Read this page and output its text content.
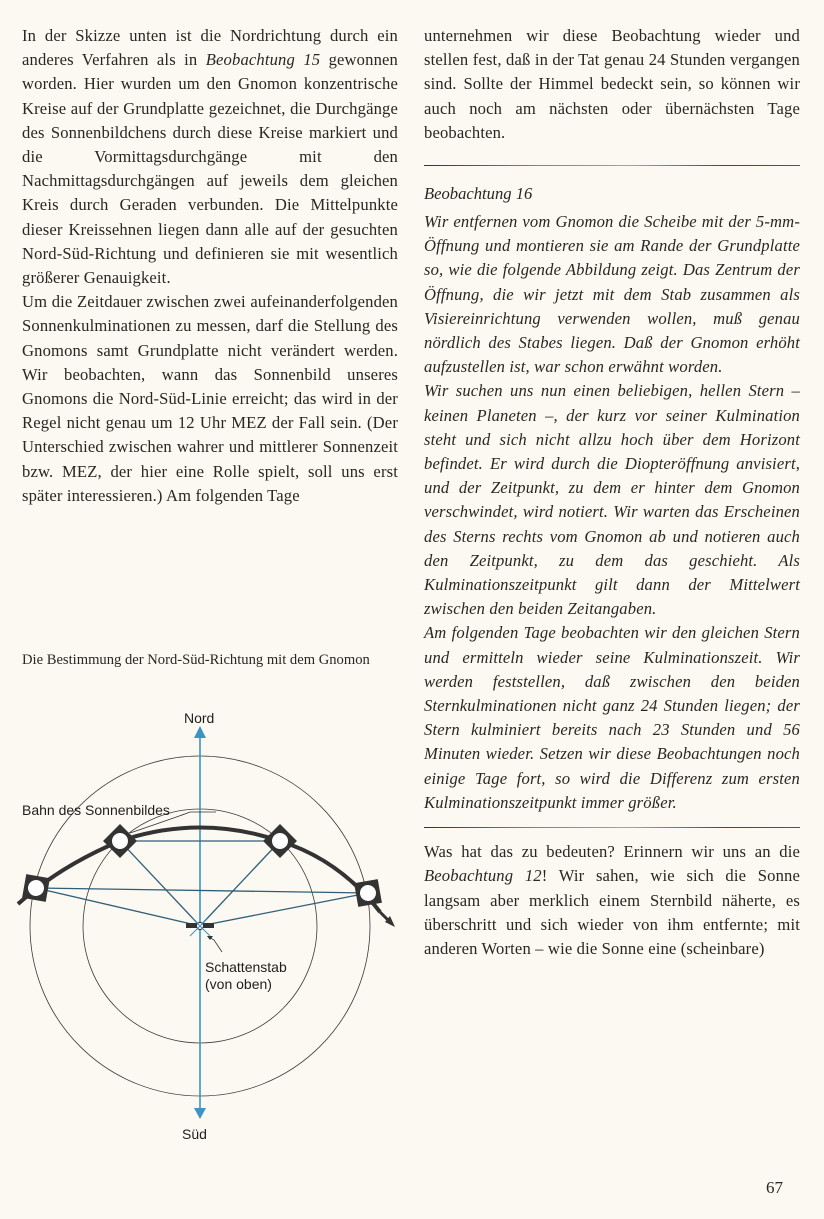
In der Skizze unten ist die Nordrichtung durch ein anderes Verfahren als in Beobachtung 15 gewonnen worden. Hier wurden um den Gnomon konzentrische Kreise auf der Grundplatte gezeichnet, die Durchgänge des Sonnenbildchens durch diese Kreise markiert und die Vormittagsdurchgänge mit den Nachmittagsdurchgängen auf jeweils dem gleichen Kreis durch Geraden verbunden. Die Mittelpunkte dieser Kreissehnen liegen dann alle auf der gesuchten Nord-Süd-Richtung und definieren sie mit wesentlich größerer Genauigkeit.

Um die Zeitdauer zwischen zwei aufeinanderfolgenden Sonnenkulminationen zu messen, darf die Stellung des Gnomons samt Grundplatte nicht verändert werden. Wir beobachten, wann das Sonnenbild unseres Gnomons die Nord-Süd-Linie erreicht; das wird in der Regel nicht genau um 12 Uhr MEZ der Fall sein. (Der Unterschied zwischen wahrer und mittlerer Sonnenzeit bzw. MEZ, der hier eine Rolle spielt, soll uns erst später interessieren.) Am folgenden Tage

Die Bestimmung der Nord-Süd-Richtung mit dem Gnomon

Nord
Süd
Bahn des Sonnenbildes
Schattenstab
(von oben)

unternehmen wir diese Beobachtung wieder und stellen fest, daß in der Tat genau 24 Stunden vergangen sind. Sollte der Himmel bedeckt sein, so können wir auch noch am nächsten oder übernächsten Tage beobachten.

Beobachtung 16

Wir entfernen vom Gnomon die Scheibe mit der 5-mm-Öffnung und montieren sie am Rande der Grundplatte so, wie die folgende Abbildung zeigt. Das Zentrum der Öffnung, die wir jetzt mit dem Stab zusammen als Visiereinrichtung verwenden wollen, muß genau nördlich des Stabes liegen. Daß der Gnomon erhöht aufzustellen ist, war schon erwähnt worden.

Wir suchen uns nun einen beliebigen, hellen Stern – keinen Planeten –, der kurz vor seiner Kulmination steht und sich nicht allzu hoch über dem Horizont befindet. Er wird durch die Diopteröffnung anvisiert, und der Zeitpunkt, zu dem er hinter dem Gnomon verschwindet, wird notiert. Wir warten das Erscheinen des Sterns rechts vom Gnomon ab und notieren auch den Zeitpunkt, zu dem das geschieht. Als Kulminationszeitpunkt gilt dann der Mittelwert zwischen den beiden Zeitangaben.

Am folgenden Tage beobachten wir den gleichen Stern und ermitteln wieder seine Kulminationszeit. Wir werden feststellen, daß zwischen den beiden Sternkulminationen nicht ganz 24 Stunden liegen; der Stern kulminiert bereits nach 23 Stunden und 56 Minuten wieder. Setzen wir diese Beobachtungen noch einige Tage fort, so wird die Differenz zum ersten Kulminationszeitpunkt immer größer.

Was hat das zu bedeuten? Erinnern wir uns an die Beobachtung 12! Wir sahen, wie sich die Sonne langsam aber merklich einem Sternbild näherte, es überschritt und sich wieder von ihm entfernte; mit anderen Worten – wie die Sonne eine (scheinbare)

67
